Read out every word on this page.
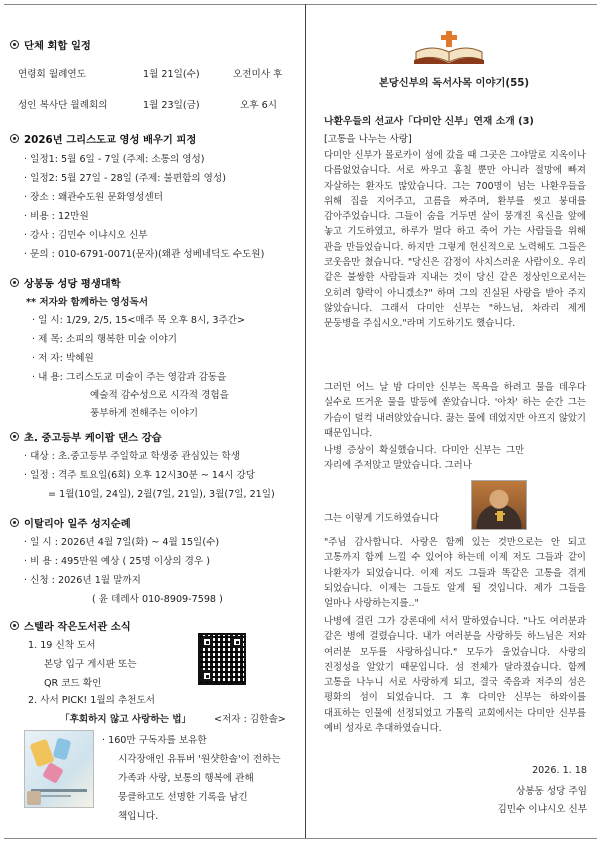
단체 회합 일정
연령회 월례연도	1월 21일(수)	오전미사 후
성인 복사단 월례회의	1월 23일(금)	오후 6시
2026년 그리스도교 영성 배우기 피정
· 일정1: 5월 6일 - 7일 (주제: 소통의 영성)
· 일정2: 5월 27일 - 28일 (주제: 불편함의 영성)
· 장소 : 왜관수도원 문화영성센터
· 비용 : 12만원
· 강사 : 김민수 이냐시오 신부
· 문의 : 010-6791-0071(문자)(왜관 성베네딕도 수도원)
상봉동 성당 평생대학
** 저자와 함께하는 영성독서
· 일 시: 1/29, 2/5, 15<매주 목 오후 8시, 3주간>
· 제 목: 소피의 행복한 미술 이야기
· 저 자: 박혜원
· 내 용: 그리스도교 미술이 주는 영감과 감동을
예술적 감수성으로 시각적 경험을
풍부하게 전해주는 이야기
초. 중고등부 케이팝 댄스 강습
· 대상 : 초.중고등부 주일학교 학생중 관심있는 학생
· 일정 : 격주 토요일(6회) 오후 12시30분 ~ 14시 강당
= 1월(10일, 24일), 2월(7일, 21일), 3월(7일, 21일)
이탈리아 일주 성지순례
· 일 시 : 2026년 4월 7일(화) ~ 4월 15일(수)
· 비 용 : 495만원 예상 ( 25명 이상의 경우 )
· 신청 : 2026년 1월 말까지
( 윤 데레사 010-8909-7598 )
스텔라 작은도서관 소식
1. 19 신착 도서
본당 입구 게시판 또는
QR 코드 확인
2. 사서 PICK! 1월의 추천도서
「후회하지 않고 사랑하는 법」 <저자 : 김한솔>
· 160만 구독자를 보유한
시각장애인 유튜버 '원샷한솔'이 전하는
가족과 사랑, 보통의 행복에 관해
뭉클하고도 선명한 기록을 남긴
책입니다.
본당신부의 독서사목 이야기(55)
나환우들의 선교사「다미안 신부」연재 소개 (3)
[고통을 나누는 사랑]
다미안 신부가 몰로카이 섬에 갔을 때 그곳은 그야말로 지옥이나 다름없었습니다. 서로 싸우고 훔칠 뿐만 아니라 절망에 빠져 자살하는 환자도 많았습니다. 그는 700명이 넘는 나환우들을 위해 집을 지어주고, 고름을 짜주며, 환부를 씻고 붕대를 감아주었습니다. 그들이 숨을 거두면 살이 뭉개진 육신을 앞에 놓고 기도하였고, 하루가 멀다 하고 죽어 가는 사람들을 위해 관을 만들었습니다. 하지만 그렇게 헌신적으로 노력해도 그들은 코웃음만 쳤습니다. "당신은 감정이 사치스러운 사람이오. 우리 같은 불쌍한 사람들과 지내는 것이 당신 같은 정상인으로서는 오히려 향락이 아니겠소?" 하며 그의 진실된 사랑을 받아 주지 않았습니다. 그래서 다미안 신부는 "하느님, 차라리 제게 문둥병을 주십시오."라며 기도하기도 했습니다.
그러던 어느 날 밤 다미안 신부는 목욕을 하려고 물을 데우다 실수로 뜨거운 물을 발등에 쏟았습니다. '아차' 하는 순간 그는 가슴이 덜컥 내려앉았습니다. 끓는 물에 데었지만 아프지 않았기 때문입니다.
나병 증상이 확실했습니다. 다미안 신부는 그만 자리에 주저앉고 말았습니다. 그러나
그는 이렇게 기도하였습니다
"주님 감사합니다. 사랑은 함께 있는 것만으로는 안 되고 고통까지 함께 느낄 수 있어야 하는데 이제 저도 그들과 같이 나환자가 되었습니다. 이제 저도 그들과 똑같은 고통을 겪게 되었습니다. 이제는 그들도 알게 될 것입니다. 제가 그들을 얼마나 사랑하는지를.."
나병에 걸린 그가 강론대에 서서 말하였습니다. "나도 여러분과 같은 병에 걸렸습니다. 내가 여러분을 사랑하듯 하느님은 저와 여러분 모두를 사랑하십니다." 모두가 울었습니다. 사랑의 진정성을 알았기 때문입니다. 섬 전체가 달라졌습니다. 함께 고통을 나누니 서로 사랑하게 되고, 결국 죽음과 저주의 섬은 평화의 섬이 되었습니다. 그 후 다미안 신부는 하와이를 대표하는 인물에 선정되었고 가톨릭 교회에서는 다미안 신부를 예비 성자로 추대하였습니다.
2026. 1. 18
상봉동 성당 주임
김민수 이냐시오 신부
